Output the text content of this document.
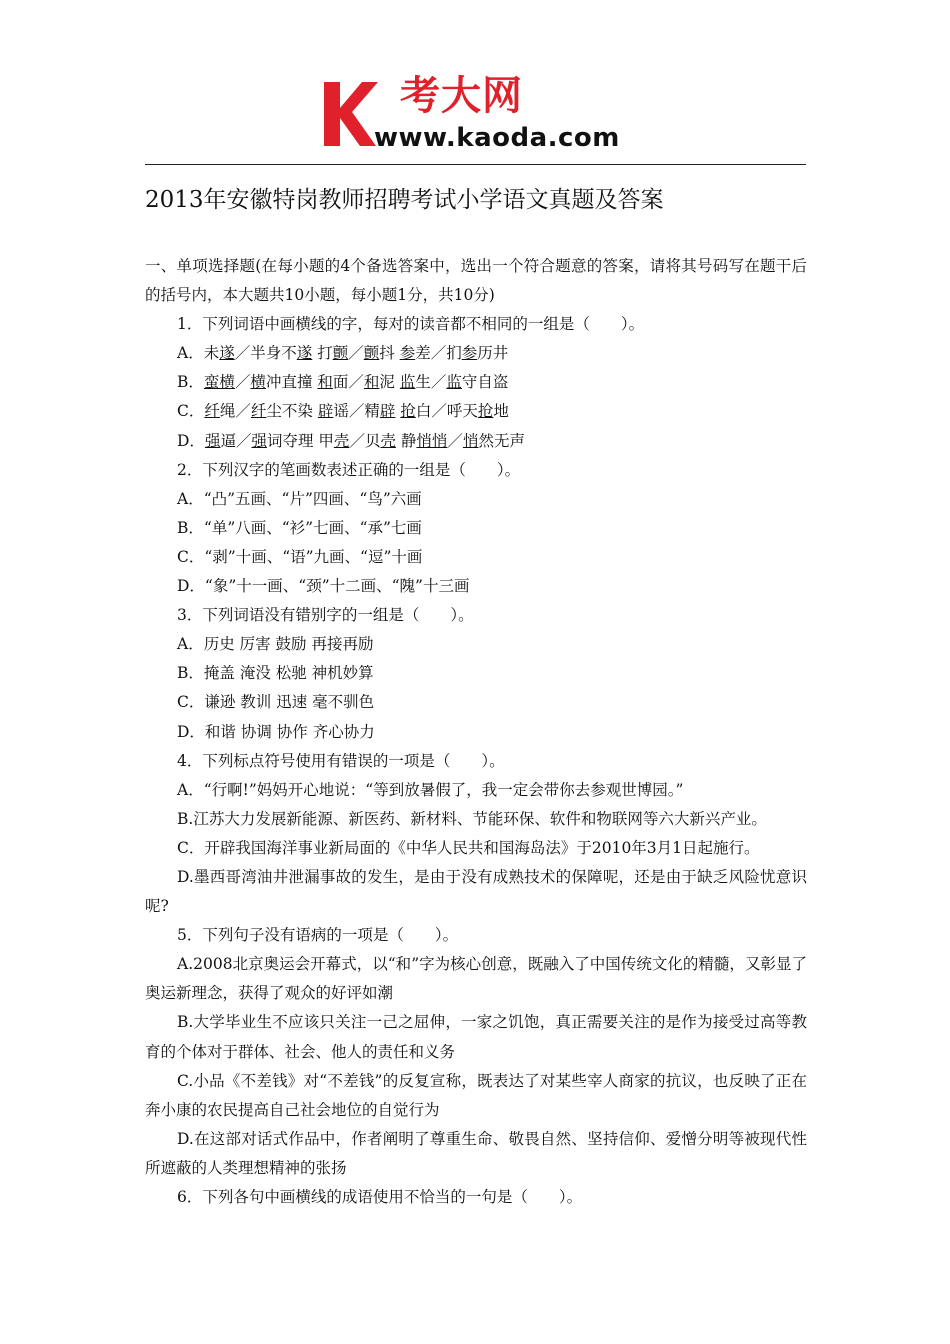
考大网
www.kaoda.com
2013年安徽特岗教师招聘考试小学语文真题及答案
一、单项选择题(在每小题的4个备选答案中，选出一个符合题意的答案，请将其号码写在题干后的括号内，本大题共10小题，每小题1分，共10分)
1．下列词语中画横线的字，每对的读音都不相同的一组是（　　）。
A．未遂／半身不遂 打颤／颤抖 参差／扪参历井
B．蛮横／横冲直撞 和面／和泥 监生／监守自盗
C．纤绳／纤尘不染 辟谣／精辟 抢白／呼天抢地
D．强逼／强词夺理 甲壳／贝壳 静悄悄／悄然无声
2．下列汉字的笔画数表述正确的一组是（　　）。
A．“凸”五画、“片”四画、“鸟”六画
B．“单”八画、“衫”七画、“承”七画
C．“剥”十画、“语”九画、“逗”十画
D．“象”十一画、“颈”十二画、“隗”十三画
3．下列词语没有错别字的一组是（　　）。
A．历史 厉害 鼓励 再接再励
B．掩盖 淹没 松驰 神机妙算
C．谦逊 教训 迅速 毫不驯色
D．和谐 协调 协作 齐心协力
4．下列标点符号使用有错误的一项是（　　）。
A．“行啊!”妈妈开心地说：“等到放暑假了，我一定会带你去参观世博园。”
B.江苏大力发展新能源、新医药、新材料、节能环保、软件和物联网等六大新兴产业。
C．开辟我国海洋事业新局面的《中华人民共和国海岛法》于2010年3月1日起施行。
D.墨西哥湾油井泄漏事故的发生，是由于没有成熟技术的保障呢，还是由于缺乏风险忧意识呢?
5．下列句子没有语病的一项是（　　）。
A.2008北京奥运会开幕式，以“和”字为核心创意，既融入了中国传统文化的精髓，又彰显了奥运新理念，获得了观众的好评如潮
B.大学毕业生不应该只关注一己之屈伸，一家之饥饱，真正需要关注的是作为接受过高等教育的个体对于群体、社会、他人的责任和义务
C.小品《不差钱》对“不差钱”的反复宣称，既表达了对某些宰人商家的抗议，也反映了正在奔小康的农民提高自己社会地位的自觉行为
D.在这部对话式作品中，作者阐明了尊重生命、敬畏自然、坚持信仰、爱憎分明等被现代性所遮蔽的人类理想精神的张扬
6．下列各句中画横线的成语使用不恰当的一句是（　　）。
